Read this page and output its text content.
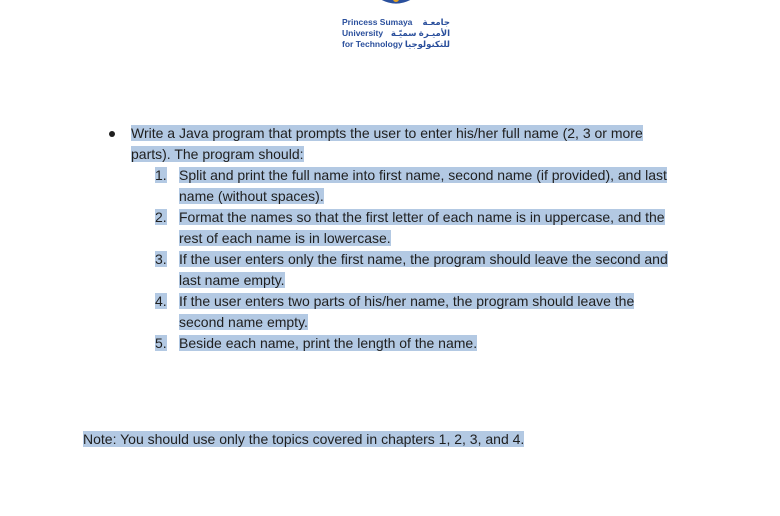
Princess Sumaya
University
for Technology
جامعـة
الأميـرة سميّـة
للتكنولوجيا
Write a Java program that prompts the user to enter his/her full name (2, 3 or more
parts). The program should:
1. Split and print the full name into first name, second name (if provided), and last
name (without spaces).
2. Format the names so that the first letter of each name is in uppercase, and the
rest of each name is in lowercase.
3. If the user enters only the first name, the program should leave the second and
last name empty.
4. If the user enters two parts of his/her name, the program should leave the
second name empty.
5. Beside each name, print the length of the name.
Note: You should use only the topics covered in chapters 1, 2, 3, and 4.
